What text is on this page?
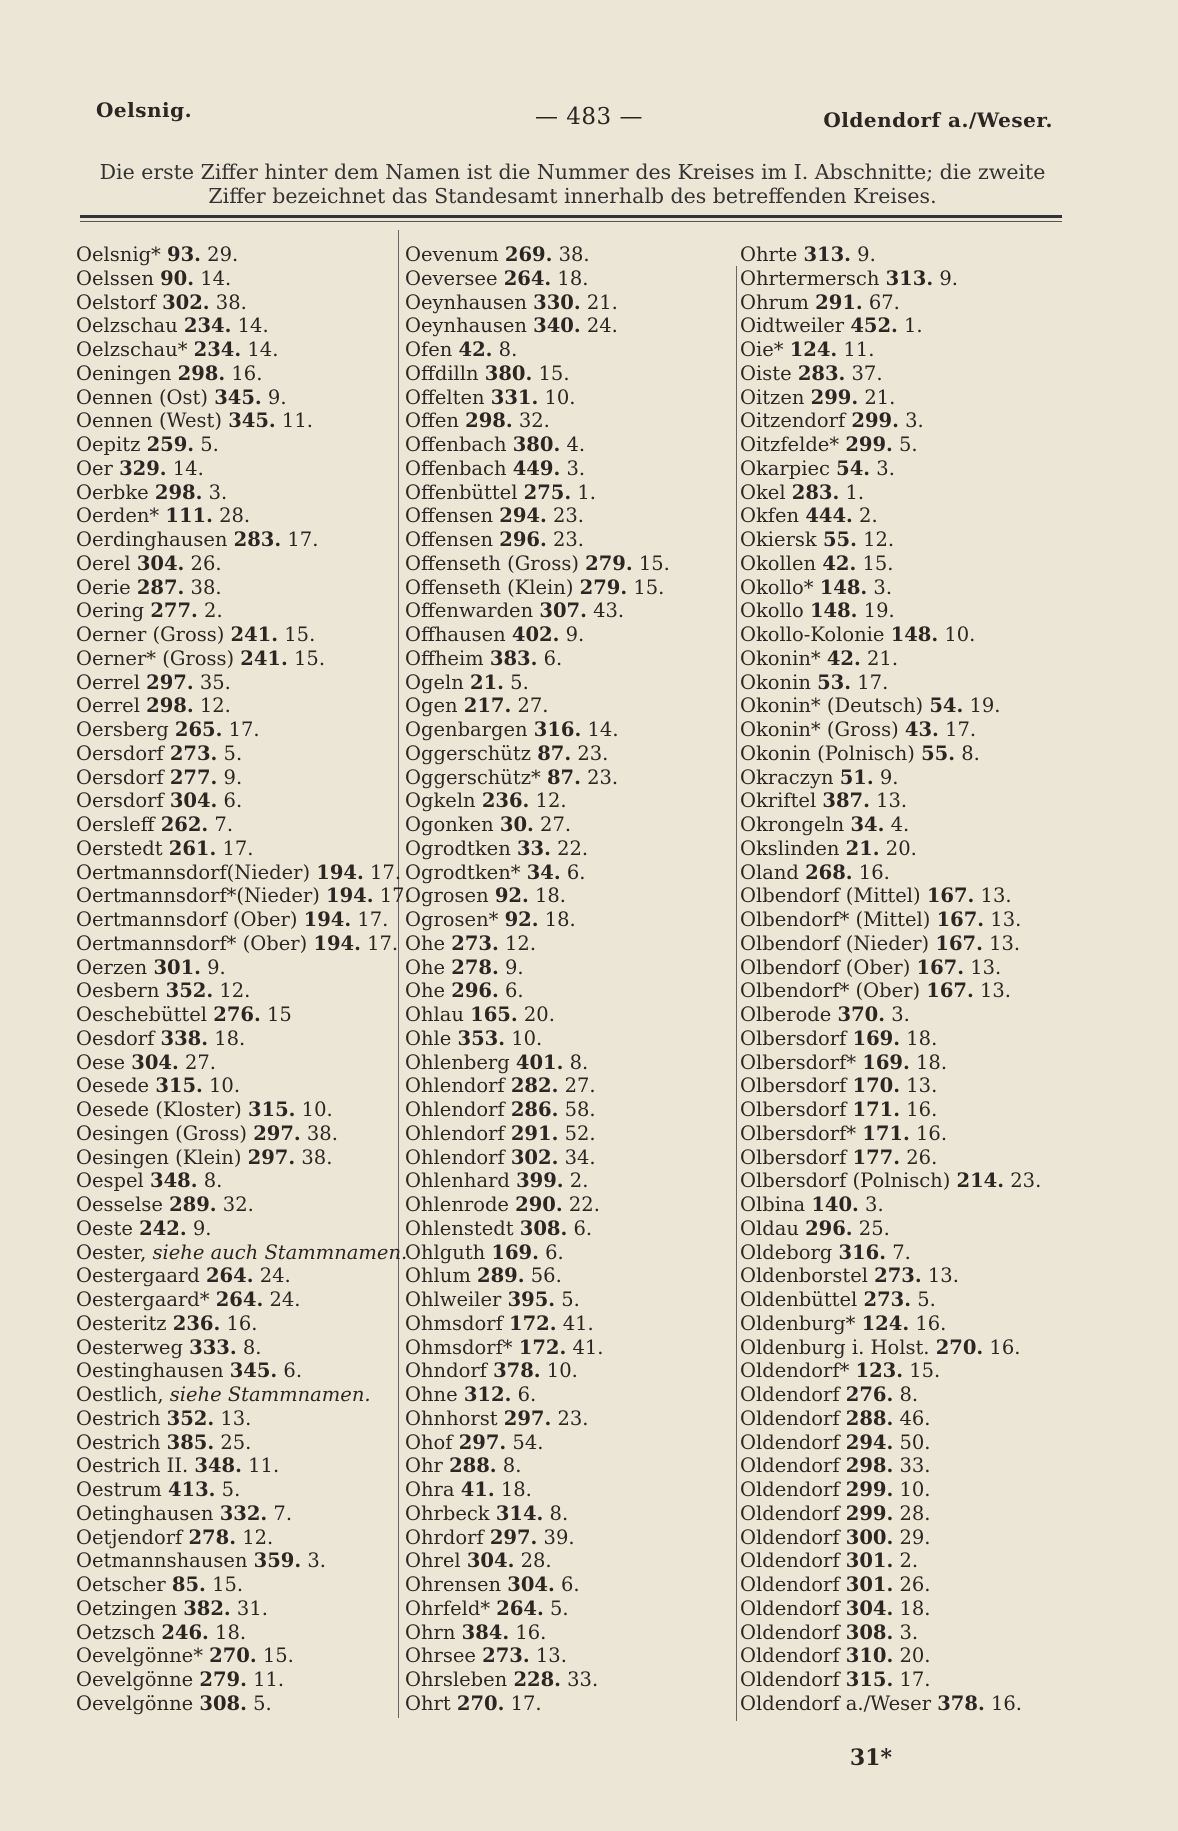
Oelsnig.	— 483 —	Oldendorf a./Weser.
Die erste Ziffer hinter dem Namen ist die Nummer des Kreises im I. Abschnitte; die zweite Ziffer bezeichnet das Standesamt innerhalb des betreffenden Kreises.
Oelsnig* 93. 29.
Oelssen 90. 14.
Oelstorf 302. 38.
Oelzschau 234. 14.
Oelzschau* 234. 14.
Oeningen 298. 16.
Oennen (Ost) 345. 9.
Oennen (West) 345. 11.
Oepitz 259. 5.
Oer 329. 14.
Oerbke 298. 3.
Oerden* 111. 28.
Oerdinghausen 283. 17.
Oerel 304. 26.
Oerie 287. 38.
Oering 277. 2.
Oerner (Gross) 241. 15.
Oerner* (Gross) 241. 15.
Oerrel 297. 35.
Oerrel 298. 12.
Oersberg 265. 17.
Oersdorf 273. 5.
Oersdorf 277. 9.
Oersdorf 304. 6.
Oersleff 262. 7.
Oerstedt 261. 17.
Oertmannsdorf(Nieder) 194. 17.
Oertmannsdorf*(Nieder) 194. 17.
Oertmannsdorf (Ober) 194. 17.
Oertmannsdorf* (Ober) 194. 17.
Oerzen 301. 9.
Oesbern 352. 12.
Oeschebüttel 276. 15
Oesdorf 338. 18.
Oese 304. 27.
Oesede 315. 10.
Oesede (Kloster) 315. 10.
Oesingen (Gross) 297. 38.
Oesingen (Klein) 297. 38.
Oespel 348. 8.
Oesselse 289. 32.
Oeste 242. 9.
Oester, siehe auch Stammnamen.
Oestergaard 264. 24.
Oestergaard* 264. 24.
Oesteritz 236. 16.
Oesterweg 333. 8.
Oestinghausen 345. 6.
Oestlich, siehe Stammnamen.
Oestrich 352. 13.
Oestrich 385. 25.
Oestrich II. 348. 11.
Oestrum 413. 5.
Oetinghausen 332. 7.
Oetjendorf 278. 12.
Oetmannshausen 359. 3.
Oetscher 85. 15.
Oetzingen 382. 31.
Oetzsch 246. 18.
Oevelgönne* 270. 15.
Oevelgönne 279. 11.
Oevelgönne 308. 5.
Oevenum 269. 38.
Oeversee 264. 18.
Oeynhausen 330. 21.
Oeynhausen 340. 24.
Ofen 42. 8.
Offdilln 380. 15.
Offelten 331. 10.
Offen 298. 32.
Offenbach 380. 4.
Offenbach 449. 3.
Offenbüttel 275. 1.
Offensen 294. 23.
Offensen 296. 23.
Offenseth (Gross) 279. 15.
Offenseth (Klein) 279. 15.
Offenwarden 307. 43.
Offhausen 402. 9.
Offheim 383. 6.
Ogeln 21. 5.
Ogen 217. 27.
Ogenbargen 316. 14.
Oggerschütz 87. 23.
Oggerschütz* 87. 23.
Ogkeln 236. 12.
Ogonken 30. 27.
Ogrodtken 33. 22.
Ogrodtken* 34. 6.
Ogrosen 92. 18.
Ogrosen* 92. 18.
Ohe 273. 12.
Ohe 278. 9.
Ohe 296. 6.
Ohlau 165. 20.
Ohle 353. 10.
Ohlenberg 401. 8.
Ohlendorf 282. 27.
Ohlendorf 286. 58.
Ohlendorf 291. 52.
Ohlendorf 302. 34.
Ohlenhard 399. 2.
Ohlenrode 290. 22.
Ohlenstedt 308. 6.
Ohlguth 169. 6.
Ohlum 289. 56.
Ohlweiler 395. 5.
Ohmsdorf 172. 41.
Ohmsdorf* 172. 41.
Ohndorf 378. 10.
Ohne 312. 6.
Ohnhorst 297. 23.
Ohof 297. 54.
Ohr 288. 8.
Ohra 41. 18.
Ohrbeck 314. 8.
Ohrdorf 297. 39.
Ohrel 304. 28.
Ohrensen 304. 6.
Ohrfeld* 264. 5.
Ohrn 384. 16.
Ohrsee 273. 13.
Ohrsleben 228. 33.
Ohrt 270. 17.
Ohrte 313. 9.
Ohrtermersch 313. 9.
Ohrum 291. 67.
Oidtweiler 452. 1.
Oie* 124. 11.
Oiste 283. 37.
Oitzen 299. 21.
Oitzendorf 299. 3.
Oitzfelde* 299. 5.
Okarpiec 54. 3.
Okel 283. 1.
Okfen 444. 2.
Okiersk 55. 12.
Okollen 42. 15.
Okollo* 148. 3.
Okollo 148. 19.
Okollo-Kolonie 148. 10.
Okonin* 42. 21.
Okonin 53. 17.
Okonin* (Deutsch) 54. 19.
Okonin* (Gross) 43. 17.
Okonin (Polnisch) 55. 8.
Okraczyn 51. 9.
Okriftel 387. 13.
Okrongeln 34. 4.
Okslinden 21. 20.
Oland 268. 16.
Olbendorf (Mittel) 167. 13.
Olbendorf* (Mittel) 167. 13.
Olbendorf (Nieder) 167. 13.
Olbendorf (Ober) 167. 13.
Olbendorf* (Ober) 167. 13.
Olberode 370. 3.
Olbersdorf 169. 18.
Olbersdorf* 169. 18.
Olbersdorf 170. 13.
Olbersdorf 171. 16.
Olbersdorf* 171. 16.
Olbersdorf 177. 26.
Olbersdorf (Polnisch) 214. 23.
Olbina 140. 3.
Oldau 296. 25.
Oldeborg 316. 7.
Oldenborstel 273. 13.
Oldenbüttel 273. 5.
Oldenburg* 124. 16.
Oldenburg i. Holst. 270. 16.
Oldendorf* 123. 15.
Oldendorf 276. 8.
Oldendorf 288. 46.
Oldendorf 294. 50.
Oldendorf 298. 33.
Oldendorf 299. 10.
Oldendorf 299. 28.
Oldendorf 300. 29.
Oldendorf 301. 2.
Oldendorf 301. 26.
Oldendorf 304. 18.
Oldendorf 308. 3.
Oldendorf 310. 20.
Oldendorf 315. 17.
Oldendorf a./Weser 378. 16.
31*
